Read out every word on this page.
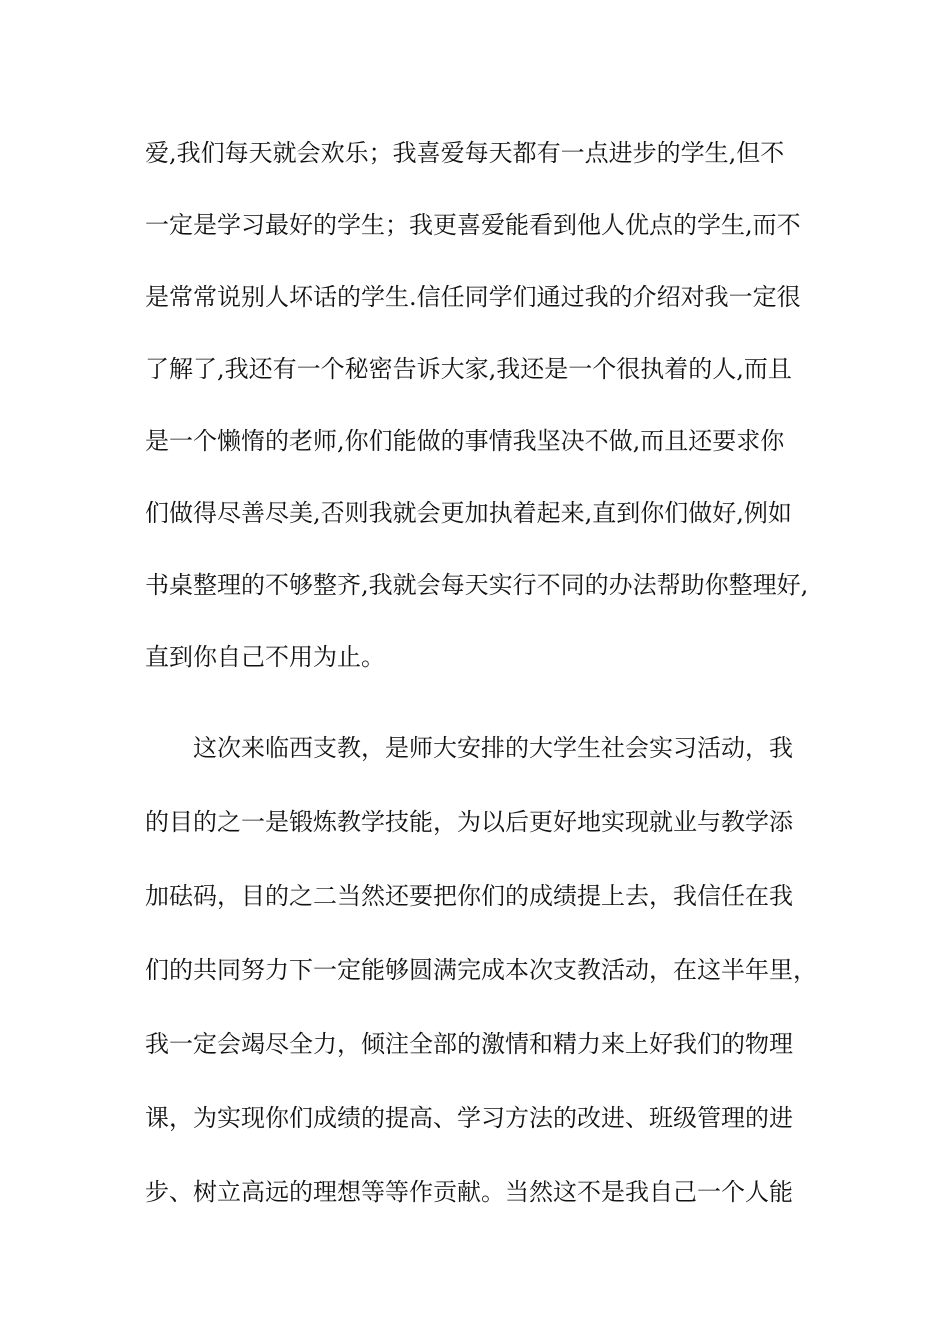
爱,我们每天就会欢乐；我喜爱每天都有一点进步的学生,但不
一定是学习最好的学生；我更喜爱能看到他人优点的学生,而不
是常常说别人坏话的学生.信任同学们通过我的介绍对我一定很
了解了,我还有一个秘密告诉大家,我还是一个很执着的人,而且
是一个懒惰的老师,你们能做的事情我坚决不做,而且还要求你
们做得尽善尽美,否则我就会更加执着起来,直到你们做好,例如
书桌整理的不够整齐,我就会每天实行不同的办法帮助你整理好,
直到你自己不用为止。
这次来临西支教，是师大安排的大学生社会实习活动，我
的目的之一是锻炼教学技能，为以后更好地实现就业与教学添
加砝码，目的之二当然还要把你们的成绩提上去，我信任在我
们的共同努力下一定能够圆满完成本次支教活动，在这半年里，
我一定会竭尽全力，倾注全部的激情和精力来上好我们的物理
课，为实现你们成绩的提高、学习方法的改进、班级管理的进
步、树立高远的理想等等作贡献。当然这不是我自己一个人能
